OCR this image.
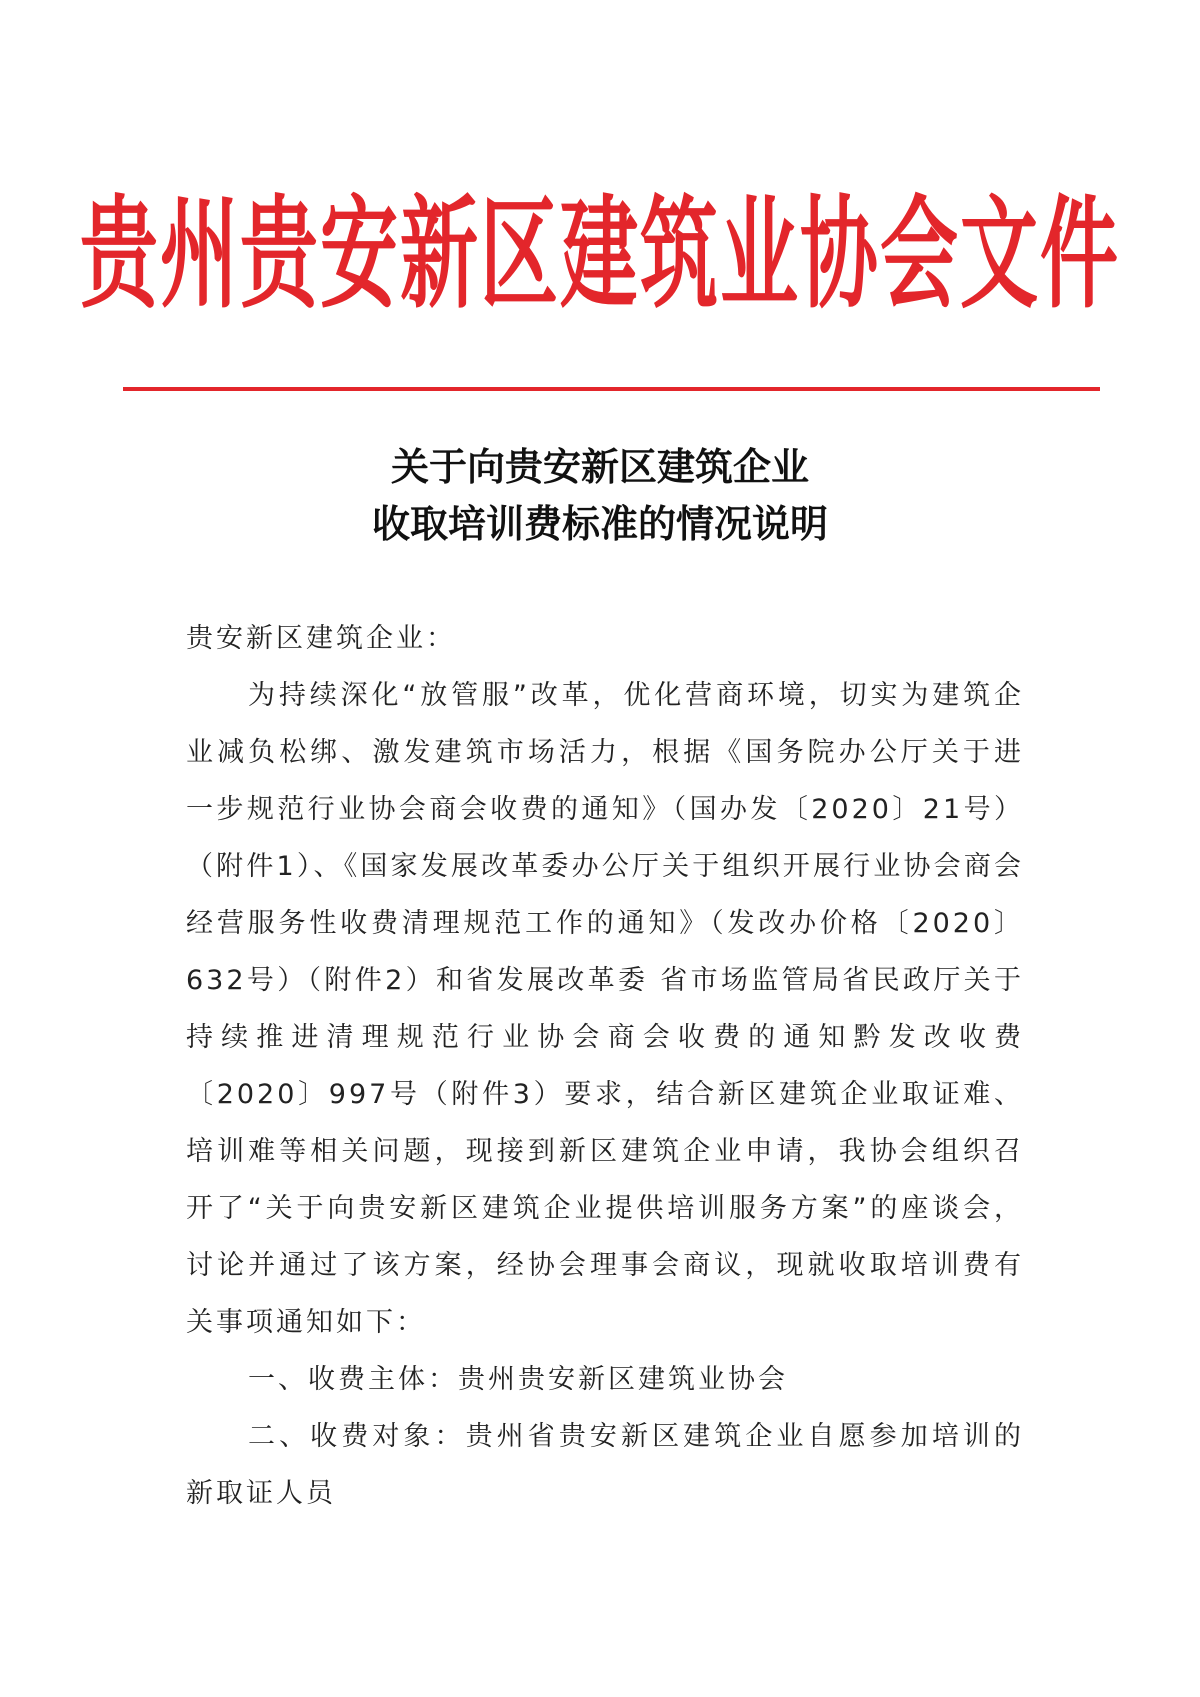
贵州贵安新区建筑业协会文件
关于向贵安新区建筑企业
收取培训费标准的情况说明

贵安新区建筑企业：

为持续深化“放管服”改革，优化营商环境，切实为建筑企业减负松绑、激发建筑市场活力，根据《国务院办公厅关于进一步规范行业协会商会收费的通知》（国办发〔2020〕21号）（附件1）、《国家发展改革委办公厅关于组织开展行业协会商会经营服务性收费清理规范工作的通知》（发改办价格〔2020〕632号）（附件2）和省发展改革委 省市场监管局省民政厅关于持续推进清理规范行业协会商会收费的通知黔发改收费〔2020〕997号（附件3）要求，结合新区建筑企业取证难、培训难等相关问题，现接到新区建筑企业申请，我协会组织召开了“关于向贵安新区建筑企业提供培训服务方案”的座谈会，讨论并通过了该方案，经协会理事会商议，现就收取培训费有关事项通知如下：

一、收费主体：贵州贵安新区建筑业协会

二、收费对象：贵州省贵安新区建筑企业自愿参加培训的新取证人员
